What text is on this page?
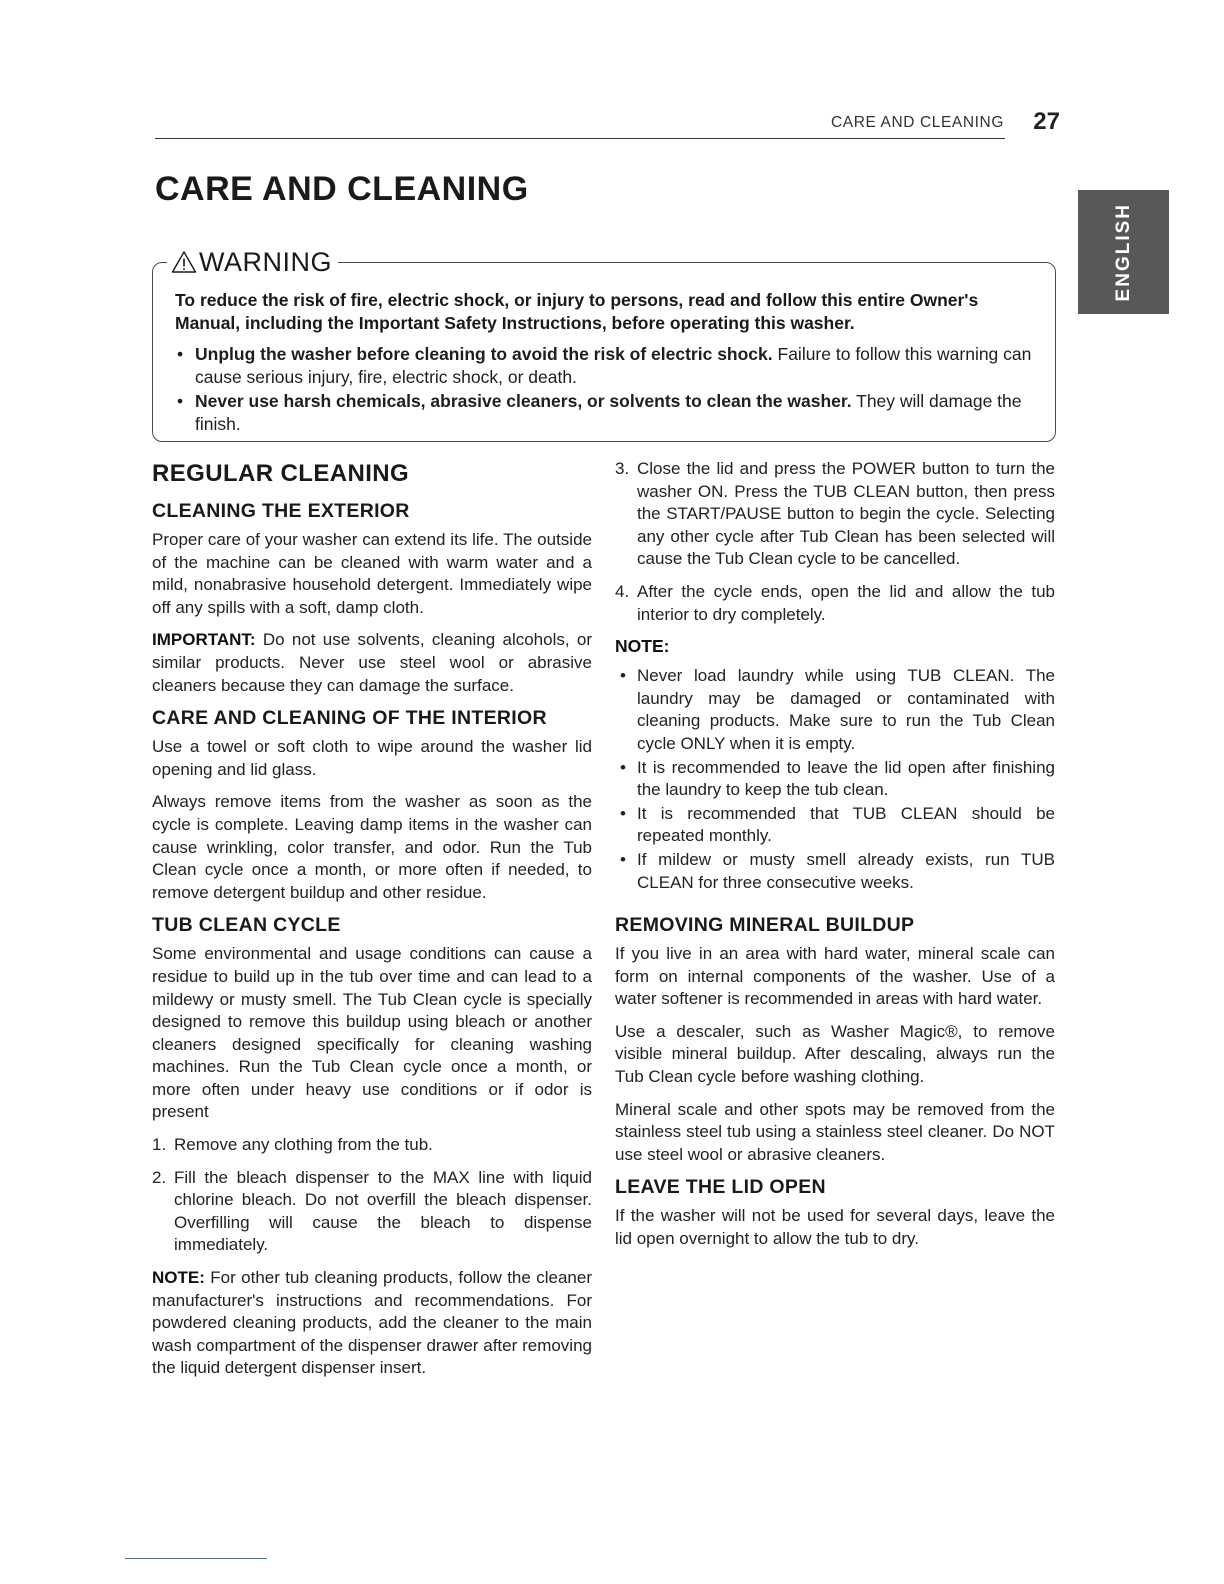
CARE AND CLEANING 27
ENGLISH
CARE AND CLEANING
WARNING

To reduce the risk of fire, electric shock, or injury to persons, read and follow this entire Owner's Manual, including the Important Safety Instructions, before operating this washer.

• Unplug the washer before cleaning to avoid the risk of electric shock. Failure to follow this warning can cause serious injury, fire, electric shock, or death.
• Never use harsh chemicals, abrasive cleaners, or solvents to clean the washer. They will damage the finish.
REGULAR CLEANING
CLEANING THE EXTERIOR

Proper care of your washer can extend its life. The outside of the machine can be cleaned with warm water and a mild, nonabrasive household detergent. Immediately wipe off any spills with a soft, damp cloth.

IMPORTANT: Do not use solvents, cleaning alcohols, or similar products. Never use steel wool or abrasive cleaners because they can damage the surface.

CARE AND CLEANING OF THE INTERIOR

Use a towel or soft cloth to wipe around the washer lid opening and lid glass.

Always remove items from the washer as soon as the cycle is complete. Leaving damp items in the washer can cause wrinkling, color transfer, and odor. Run the Tub Clean cycle once a month, or more often if needed, to remove detergent buildup and other residue.

TUB CLEAN CYCLE

Some environmental and usage conditions can cause a residue to build up in the tub over time and can lead to a mildewy or musty smell. The Tub Clean cycle is specially designed to remove this buildup using bleach or another cleaners designed specifically for cleaning washing machines. Run the Tub Clean cycle once a month, or more often under heavy use conditions or if odor is present

1. Remove any clothing from the tub.
2. Fill the bleach dispenser to the MAX line with liquid chlorine bleach. Do not overfill the bleach dispenser. Overfilling will cause the bleach to dispense immediately.

NOTE: For other tub cleaning products, follow the cleaner manufacturer's instructions and recommendations. For powdered cleaning products, add the cleaner to the main wash compartment of the dispenser drawer after removing the liquid detergent dispenser insert.

3. Close the lid and press the POWER button to turn the washer ON. Press the TUB CLEAN button, then press the START/PAUSE button to begin the cycle. Selecting any other cycle after Tub Clean has been selected will cause the Tub Clean cycle to be cancelled.
4. After the cycle ends, open the lid and allow the tub interior to dry completely.

NOTE:

• Never load laundry while using TUB CLEAN. The laundry may be damaged or contaminated with cleaning products. Make sure to run the Tub Clean cycle ONLY when it is empty.
• It is recommended to leave the lid open after finishing the laundry to keep the tub clean.
• It is recommended that TUB CLEAN should be repeated monthly.
• If mildew or musty smell already exists, run TUB CLEAN for three consecutive weeks.
REMOVING MINERAL BUILDUP

If you live in an area with hard water, mineral scale can form on internal components of the washer. Use of a water softener is recommended in areas with hard water.

Use a descaler, such as Washer Magic®, to remove visible mineral buildup. After descaling, always run the Tub Clean cycle before washing clothing.

Mineral scale and other spots may be removed from the stainless steel tub using a stainless steel cleaner. Do NOT use steel wool or abrasive cleaners.

LEAVE THE LID OPEN

If the washer will not be used for several days, leave the lid open overnight to allow the tub to dry.
